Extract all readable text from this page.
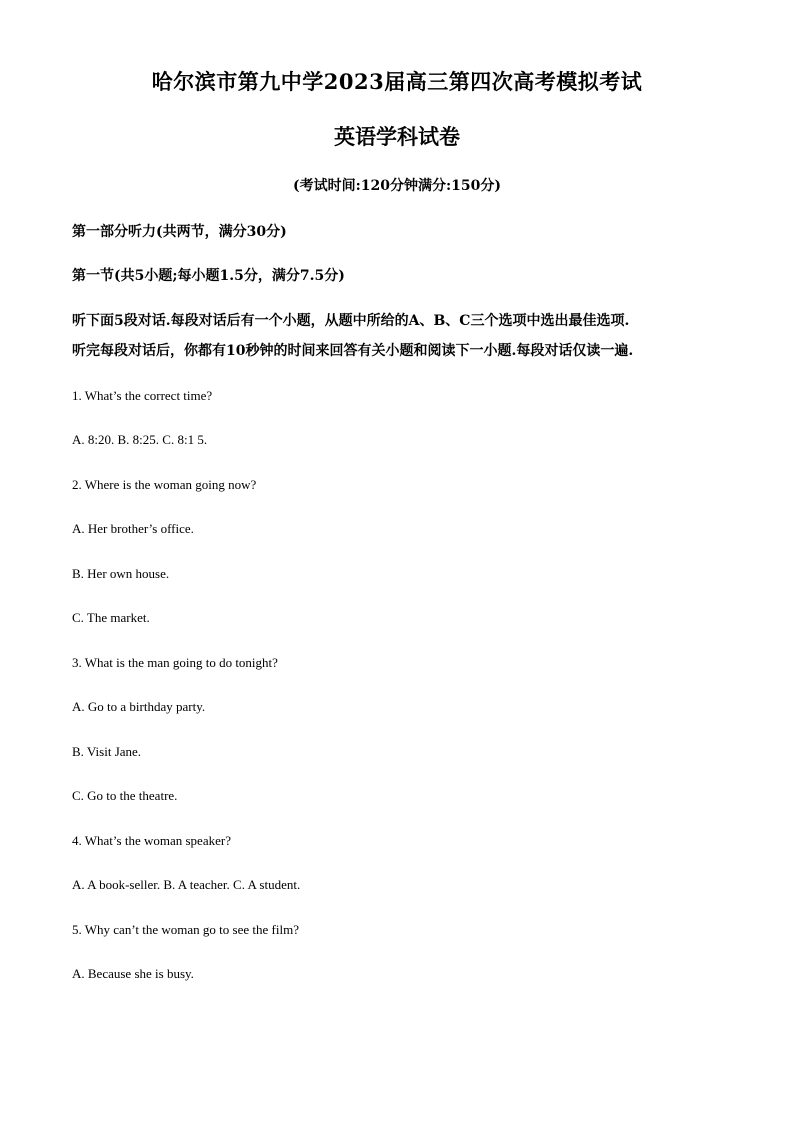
哈尔滨市第九中学2023届高三第四次高考模拟考试
英语学科试卷
(考试时间:120分钟满分:150分)
第一部分听力(共两节，满分30分)
第一节(共5小题;每小题1.5分，满分7.5分)
听下面5段对话.每段对话后有一个小题，从题中所给的A、B、C三个选项中选出最佳选项.
听完每段对话后，你都有10秒钟的时间来回答有关小题和阅读下一小题.每段对话仅读一遍.
1. What’s the correct time?
A. 8:20. B. 8:25. C. 8:1 5.
2. Where is the woman going now?
A. Her brother’s office.
B. Her own house.
C. The market.
3. What is the man going to do tonight?
A. Go to a birthday party.
B. Visit Jane.
C. Go to the theatre.
4. What’s the woman speaker?
A. A book-seller. B. A teacher. C. A student.
5. Why can’t the woman go to see the film?
A. Because she is busy.
